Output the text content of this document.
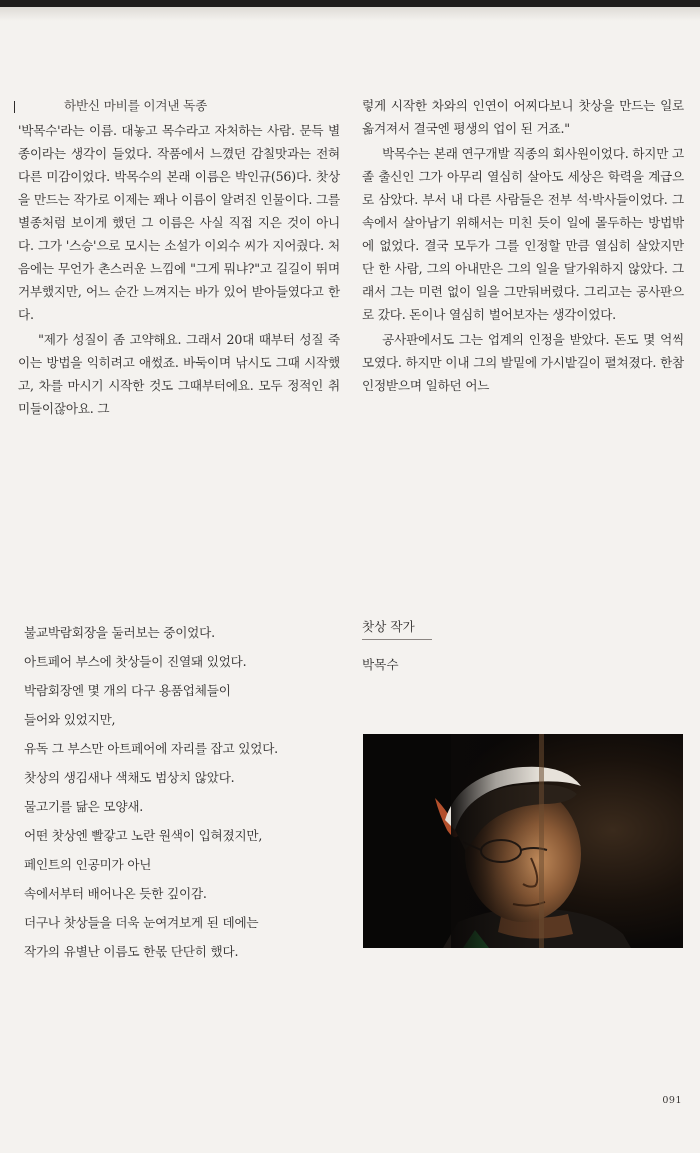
하반신 마비를 이겨낸 독종

'박목수'라는 이름. 대놓고 목수라고 자처하는 사람. 문득 별종이라는 생각이 들었다. 작품에서 느꼈던 감칠맛과는 전혀 다른 미감이었다. 박목수의 본래 이름은 박인규(56)다. 찻상을 만드는 작가로 이제는 꽤나 이름이 알려진 인물이다. 그를 별종처럼 보이게 했던 그 이름은 사실 직접 지은 것이 아니다. 그가 '스승'으로 모시는 소설가 이외수 씨가 지어줬다. 처음에는 무언가 촌스러운 느낌에 "그게 뭐냐?"고 길길이 뛰며 거부했지만, 어느 순간 느껴지는 바가 있어 받아들였다고 한다.

"제가 성질이 좀 고약해요. 그래서 20대 때부터 성질 죽이는 방법을 익히려고 애썼죠. 바둑이며 낚시도 그때 시작했고, 차를 마시기 시작한 것도 그때부터에요. 모두 정적인 취미들이잖아요. 그

렇게 시작한 차와의 인연이 어찌다보니 찻상을 만드는 일로 옮겨져서 결국엔 평생의 업이 된 거죠."

박목수는 본래 연구개발 직종의 회사원이었다. 하지만 고졸 출신인 그가 아무리 열심히 살아도 세상은 학력을 계급으로 삼았다. 부서 내 다른 사람들은 전부 석·박사들이었다. 그 속에서 살아남기 위해서는 미친 듯이 일에 몰두하는 방법밖에 없었다. 결국 모두가 그를 인정할 만큼 열심히 살았지만 단 한 사람, 그의 아내만은 그의 일을 달가워하지 않았다. 그래서 그는 미련 없이 일을 그만둬버렸다. 그리고는 공사판으로 갔다. 돈이나 열심히 벌어보자는 생각이었다.

공사판에서도 그는 업계의 인정을 받았다. 돈도 몇 억씩 모였다. 하지만 이내 그의 발밑에 가시밭길이 펼쳐졌다. 한참 인정받으며 일하던 어느

불교박람회장을 둘러보는 중이었다.
아트페어 부스에 찻상들이 진열돼 있었다.
박람회장엔 몇 개의 다구 용품업체들이
들어와 있었지만,
유독 그 부스만 아트페어에 자리를 잡고 있었다.
찻상의 생김새나 색채도 범상치 않았다.
물고기를 닮은 모양새.
어떤 찻상엔 빨갛고 노란 원색이 입혀졌지만,
페인트의 인공미가 아닌
속에서부터 배어나온 듯한 깊이감.
더구나 찻상들을 더욱 눈여겨보게 된 데에는
작가의 유별난 이름도 한몫 단단히 했다.
찻상 작가
박목수
091
